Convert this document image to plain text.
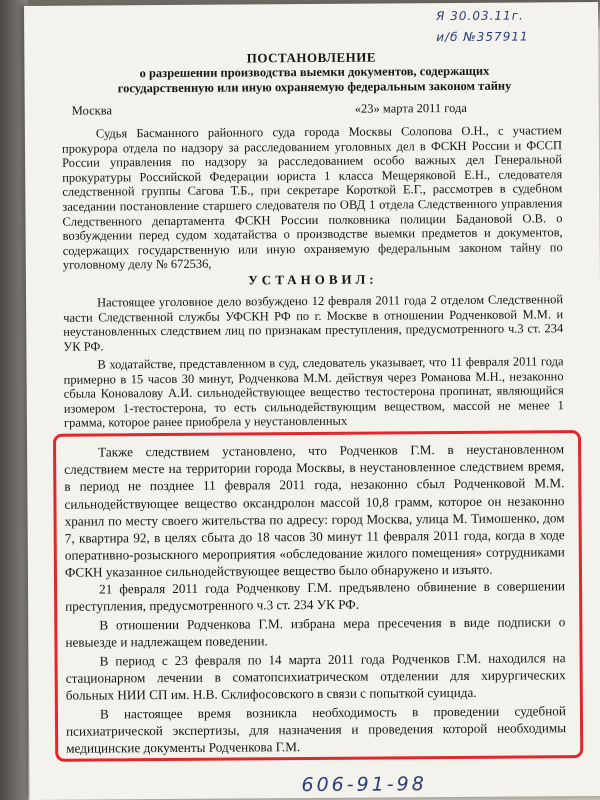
Я 30.03.11г.
и/б №357911
ПОСТАНОВЛЕНИЕ
о разрешении производства выемки документов, содержащих государственную или иную охраняемую федеральным законом тайну
Москва	«23» марта 2011 года

Судья Басманного районного суда города Москвы Солопова О.Н., с участием прокурора отдела по надзору за расследованием уголовных дел в ФСКН России и ФССП России управления по надзору за расследованием особо важных дел Генеральной прокуратуры Российской Федерации юриста 1 класса Мещеряковой Е.Н., следователя следственной группы Сагова Т.Б., при секретаре Короткой Е.Г., рассмотрев в судебном заседании постановление старшего следователя по ОВД 1 отдела Следственного управления Следственного департамента ФСКН России полковника полиции Бадановой О.В. о возбуждении перед судом ходатайства о производстве выемки предметов и документов, содержащих государственную или иную охраняемую федеральным законом тайну по уголовному делу № 672536,

УСТАНОВИЛ:

Настоящее уголовное дело возбуждено 12 февраля 2011 года 2 отделом Следственной части Следственной службы УФСКН РФ по г. Москве в отношении Родченковой М.М. и неустановленных следствием лиц по признакам преступления, предусмотренного ч.3 ст. 234 УК РФ.

В ходатайстве, представленном в суд, следователь указывает, что 11 февраля 2011 года примерно в 15 часов 30 минут, Родченкова М.М. действуя через Романова М.Н., незаконно сбыла Коновалову А.И. сильнодействующее вещество тестостерона пропинат, являющийся изомером 1-тестостерона, то есть сильнодействующим веществом, массой не менее 1 грамма, которое ранее приобрела у неустановленных

Также следствием установлено, что Родченков Г.М. в неустановленном следствием месте на территории города Москвы, в неустановленное следствием время, в период не позднее 11 февраля 2011 года, незаконно сбыл Родченковой М.М. сильнодействующее вещество оксандролон массой 10,8 грамм, которое он незаконно хранил по месту своего жительства по адресу: город Москва, улица М. Тимошенко, дом 7, квартира 92, в целях сбыта до 18 часов 30 минут 11 февраля 2011 года, когда в ходе оперативно-розыскного мероприятия «обследование жилого помещения» сотрудниками ФСКН указанное сильнодействующее вещество было обнаружено и изъято.

21 февраля 2011 года Родченкову Г.М. предъявлено обвинение в совершении преступления, предусмотренного ч.3 ст. 234 УК РФ.

В отношении Родченкова Г.М. избрана мера пресечения в виде подписки о невыезде и надлежащем поведении.

В период с 23 февраля по 14 марта 2011 года Родченков Г.М. находился на стационарном лечении в соматопсихиатрическом отделении для хирургических больных НИИ СП им. Н.В. Склифосовского в связи с попыткой суицида.

В настоящее время возникла необходимость в проведении судебной психиатрической экспертизы, для назначения и проведения которой необходимы медицинские документы Родченкова Г.М.

606-91-98
